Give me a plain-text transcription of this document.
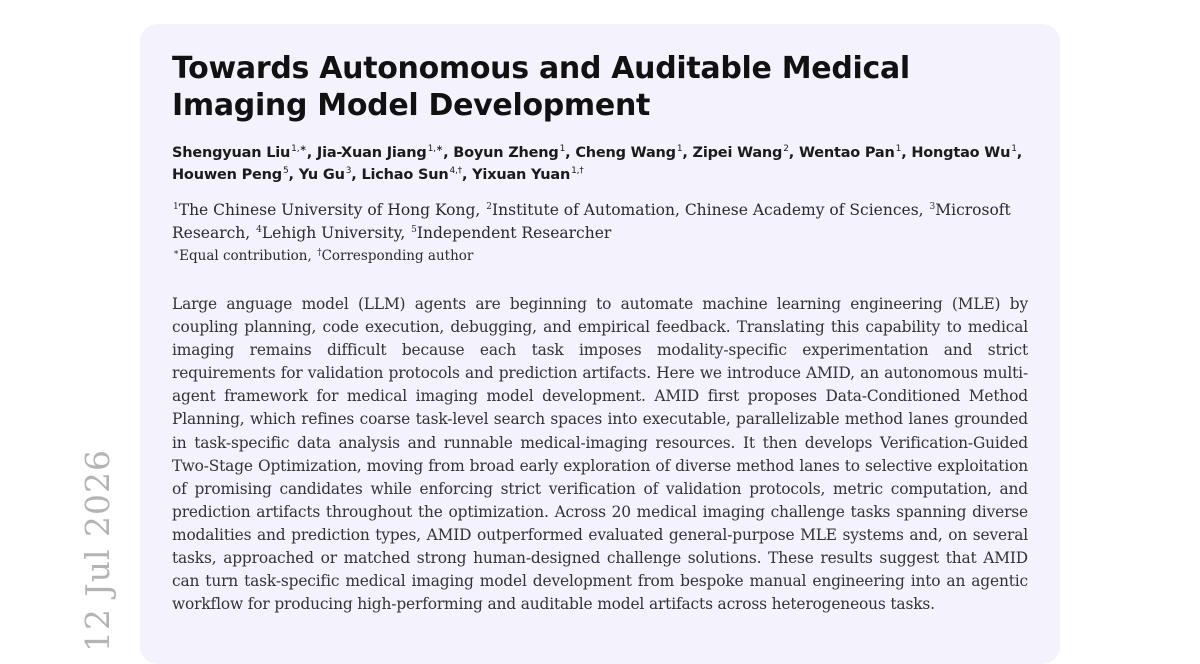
12 Jul 2026
Towards Autonomous and Auditable Medical Imaging Model Development
Shengyuan Liu$^{1,∗}$, Jia-Xuan Jiang$^{1,∗}$, Boyun Zheng$^1$, Cheng Wang$^1$, Zipei Wang$^2$, Wentao Pan$^1$, Hongtao Wu$^1$, Houwen Peng$^5$, Yu Gu$^3$, Lichao Sun$^{4,\dagger}$, Yixuan Yuan$^{1,\dagger}$
$^1$The Chinese University of Hong Kong, $^2$Institute of Automation, Chinese Academy of Sciences, $^3$Microsoft Research, $^4$Lehigh University, $^5$Independent Researcher
∗Equal contribution, †Corresponding author

Large anguage model (LLM) agents are beginning to automate machine learning engineering (MLE) by coupling planning, code execution, debugging, and empirical feedback. Translating this capability to medical imaging remains difficult because each task imposes modality-specific experimentation and strict requirements for validation protocols and prediction artifacts. Here we introduce AMID, an autonomous multi-agent framework for medical imaging model development. AMID first proposes Data-Conditioned Method Planning, which refines coarse task-level search spaces into executable, parallelizable method lanes grounded in task-specific data analysis and runnable medical-imaging resources. It then develops Verification-Guided Two-Stage Optimization, moving from broad early exploration of diverse method lanes to selective exploitation of promising candidates while enforcing strict verification of validation protocols, metric computation, and prediction artifacts throughout the optimization. Across 20 medical imaging challenge tasks spanning diverse modalities and prediction types, AMID outperformed evaluated general-purpose MLE systems and, on several tasks, approached or matched strong human-designed challenge solutions. These results suggest that AMID can turn task-specific medical imaging model development from bespoke manual engineering into an agentic workflow for producing high-performing and auditable model artifacts across heterogeneous tasks.
